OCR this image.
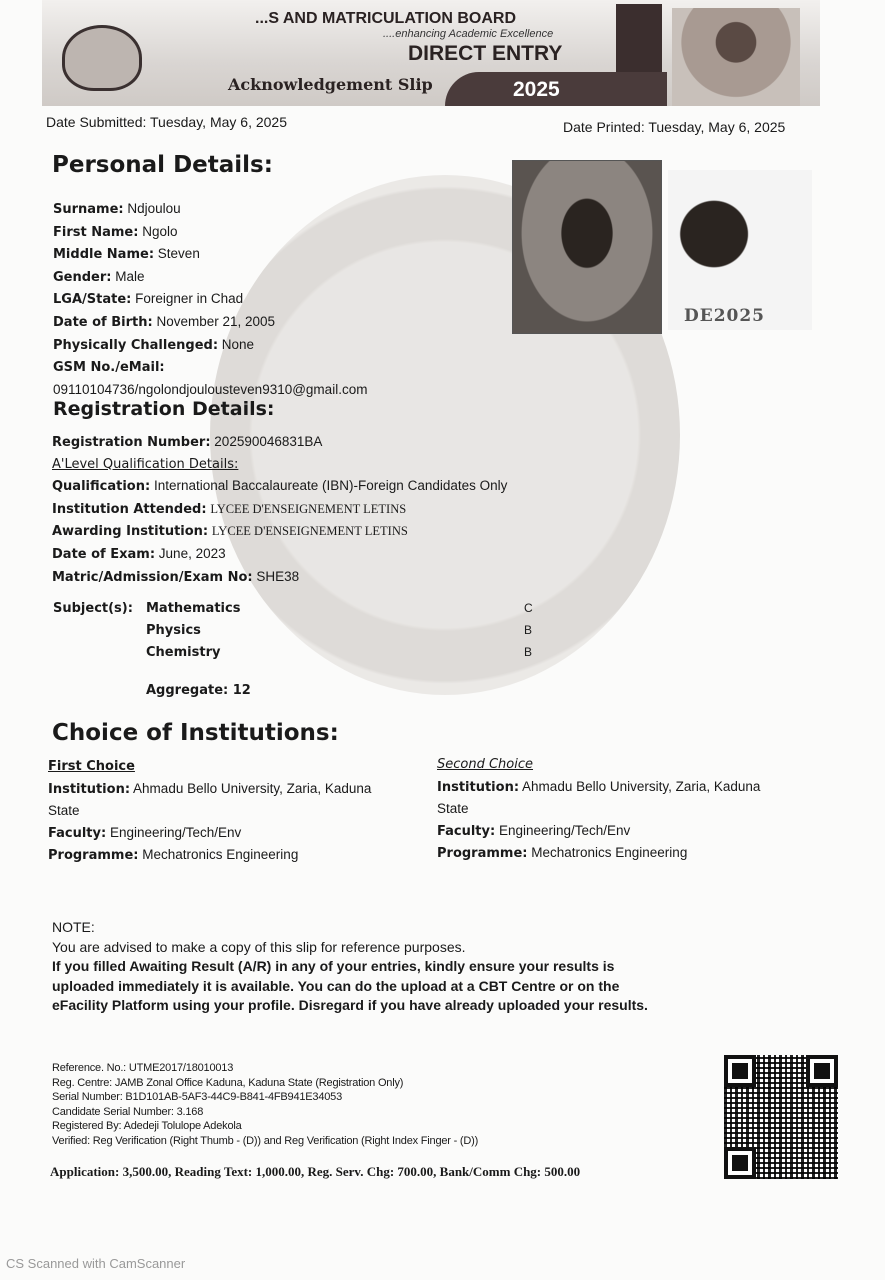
...S AND MATRICULATION BOARD
....enhancing Academic Excellence
DIRECT ENTRY
Acknowledgement Slip	2025
Date Submitted: Tuesday, May 6, 2025	Date Printed: Tuesday, May 6, 2025
Personal Details:
DE2025
Surname: Ndjoulou
First Name: Ngolo
Middle Name: Steven
Gender: Male
LGA/State: Foreigner in Chad
Date of Birth: November 21, 2005
Physically Challenged: None
GSM No./eMail:
09110104736/ngolondjoulousteven9310@gmail.com
Registration Details:
Registration Number: 202590046831BA
A'Level Qualification Details:
Qualification: International Baccalaureate (IBN)-Foreign Candidates Only
Institution Attended: LYCEE D'ENSEIGNEMENT LETINS
Awarding Institution: LYCEE D'ENSEIGNEMENT LETINS
Date of Exam: June, 2023
Matric/Admission/Exam No: SHE38
Subject(s): Mathematics
Physics
Chemistry
C
B
B
Aggregate: 12
Choice of Institutions:
First Choice
Institution: Ahmadu Bello University, Zaria, Kaduna
State
Faculty: Engineering/Tech/Env
Programme: Mechatronics Engineering
Second Choice
Institution: Ahmadu Bello University, Zaria, Kaduna
State
Faculty: Engineering/Tech/Env
Programme: Mechatronics Engineering
NOTE:
You are advised to make a copy of this slip for reference purposes.
If you filled Awaiting Result (A/R) in any of your entries, kindly ensure your results is
uploaded immediately it is available. You can do the upload at a CBT Centre or on the
eFacility Platform using your profile. Disregard if you have already uploaded your results.
Reference. No.: UTME2017/18010013
Reg. Centre: JAMB Zonal Office Kaduna, Kaduna State (Registration Only)
Serial Number: B1D101AB-5AF3-44C9-B841-4FB941E34053
Candidate Serial Number: 3.168
Registered By: Adedeji Tolulope Adekola
Verified: Reg Verification (Right Thumb - (D)) and Reg Verification (Right Index Finger - (D))
Application: 3,500.00, Reading Text: 1,000.00, Reg. Serv. Chg: 700.00, Bank/Comm Chg: 500.00
CS Scanned with CamScanner
